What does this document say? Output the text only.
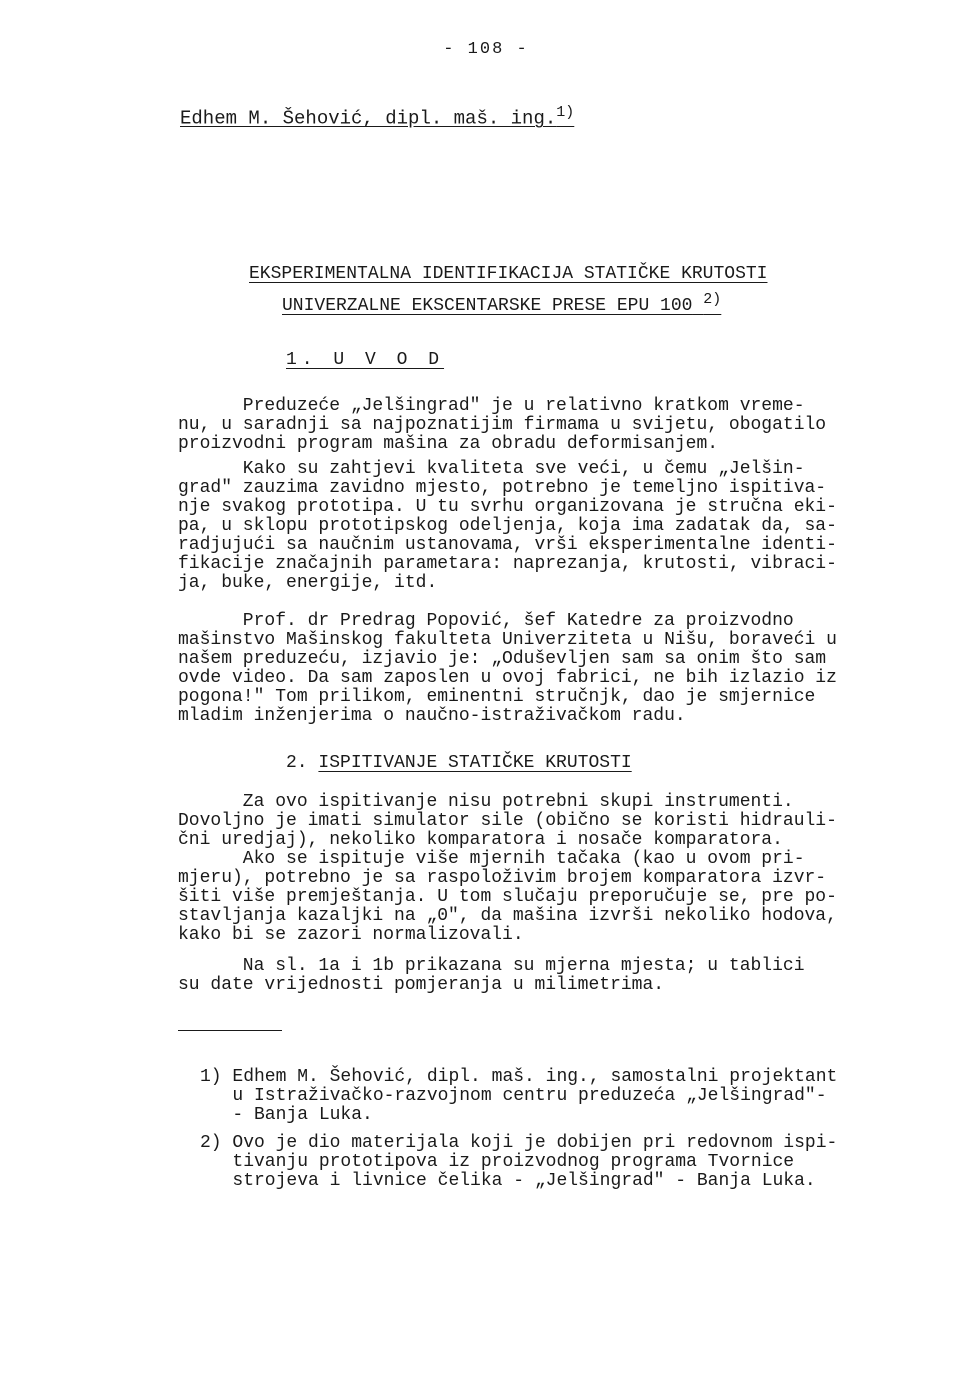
- 108 -
Edhem M. Šehović, dipl. maš. ing.$^{1)}$
EKSPERIMENTALNA IDENTIFIKACIJA STATIČKE KRUTOSTI
UNIVERZALNE EKSCENTARSKE PRESE EPU 100 $^{2)}$
1. U V O D
Preduzeće „Jelšingrad" je u relativno kratkom vreme-
nu, u saradnji sa najpoznatijim firmama u svijetu, obogatilo
proizvodni program mašina za obradu deformisanjem.
Kako su zahtjevi kvaliteta sve veći, u čemu „Jelšin-
grad" zauzima zavidno mjesto, potrebno je temeljno ispitiva-
nje svakog prototipa. U tu svrhu organizovana je stručna eki-
pa, u sklopu prototipskog odeljenja, koja ima zadatak da, sa-
radjujući sa naučnim ustanovama, vrši eksperimentalne identi-
fikacije značajnih parametara: naprezanja, krutosti, vibraci-
ja, buke, energije, itd.
Prof. dr Predrag Popović, šef Katedre za proizvodno
mašinstvo Mašinskog fakulteta Univerziteta u Nišu, boraveći u
našem preduzeću, izjavio je: „Oduševljen sam sa onim što sam
ovde video. Da sam zaposlen u ovoj fabrici, ne bih izlazio iz
pogona!" Tom prilikom, eminentni stručnjk, dao je smjernice
mladim inženjerima o naučno-istraživačkom radu.
2. ISPITIVANJE STATIČKE KRUTOSTI
Za ovo ispitivanje nisu potrebni skupi instrumenti.
Dovoljno je imati simulator sile (obično se koristi hidrauli-
čni uredjaj), nekoliko komparatora i nosače komparatora.
Ako se ispituje više mjernih tačaka (kao u ovom pri-
mjeru), potrebno je sa raspoloživim brojem komparatora izvr-
šiti više premještanja. U tom slučaju preporučuje se, pre po-
stavljanja kazaljki na „0", da mašina izvrši nekoliko hodova,
kako bi se zazori normalizovali.
Na sl. 1a i 1b prikazana su mjerna mjesta; u tablici
su date vrijednosti pomjeranja u milimetrima.
1) Edhem M. Šehović, dipl. maš. ing., samostalni projektant
u Istraživačko-razvojnom centru preduzeća „Jelšingrad"-
- Banja Luka.
2) Ovo je dio materijala koji je dobijen pri redovnom ispi-
tivanju prototipova iz proizvodnog programa Tvornice
strojeva i livnice čelika - „Jelšingrad" - Banja Luka.
